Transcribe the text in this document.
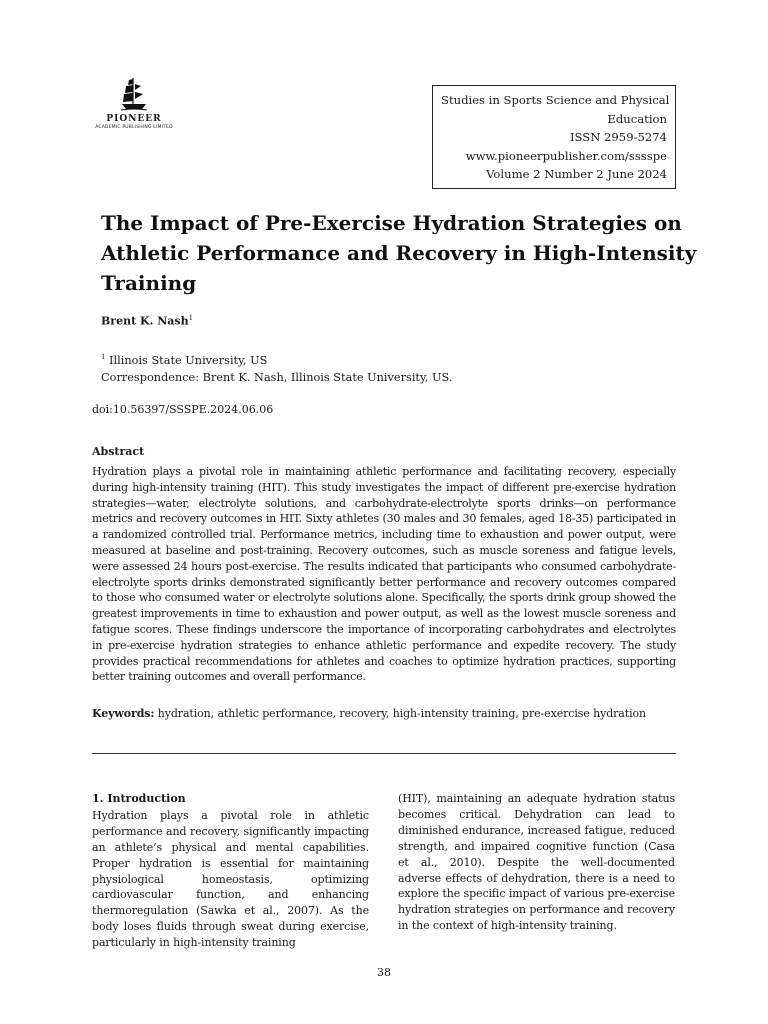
PIONEER
ACADEMIC PUBLISHING LIMITED
Studies in Sports Science and Physical
Education
ISSN 2959-5274
www.pioneerpublisher.com/sssspe
Volume 2 Number 2 June 2024
The Impact of Pre-Exercise Hydration Strategies on Athletic Performance and Recovery in High-Intensity Training
Brent K. Nash$^1$
$^1$ Illinois State University, US
Correspondence: Brent K. Nash, Illinois State University, US.
doi:10.56397/SSSPE.2024.06.06
Abstract

Hydration plays a pivotal role in maintaining athletic performance and facilitating recovery, especially during high-intensity training (HIT). This study investigates the impact of different pre-exercise hydration strategies—water, electrolyte solutions, and carbohydrate-electrolyte sports drinks—on performance metrics and recovery outcomes in HIT. Sixty athletes (30 males and 30 females, aged 18-35) participated in a randomized controlled trial. Performance metrics, including time to exhaustion and power output, were measured at baseline and post-training. Recovery outcomes, such as muscle soreness and fatigue levels, were assessed 24 hours post-exercise. The results indicated that participants who consumed carbohydrate-electrolyte sports drinks demonstrated significantly better performance and recovery outcomes compared to those who consumed water or electrolyte solutions alone. Specifically, the sports drink group showed the greatest improvements in time to exhaustion and power output, as well as the lowest muscle soreness and fatigue scores. These findings underscore the importance of incorporating carbohydrates and electrolytes in pre-exercise hydration strategies to enhance athletic performance and expedite recovery. The study provides practical recommendations for athletes and coaches to optimize hydration practices, supporting better training outcomes and overall performance.

Keywords: hydration, athletic performance, recovery, high-intensity training, pre-exercise hydration
1. Introduction

Hydration plays a pivotal role in athletic performance and recovery, significantly impacting an athlete’s physical and mental capabilities. Proper hydration is essential for maintaining physiological homeostasis, optimizing cardiovascular function, and enhancing thermoregulation (Sawka et al., 2007). As the body loses fluids through sweat during exercise, particularly in high-intensity training

(HIT), maintaining an adequate hydration status becomes critical. Dehydration can lead to diminished endurance, increased fatigue, reduced strength, and impaired cognitive function (Casa et al., 2010). Despite the well-documented adverse effects of dehydration, there is a need to explore the specific impact of various pre-exercise hydration strategies on performance and recovery in the context of high-intensity training.

38
